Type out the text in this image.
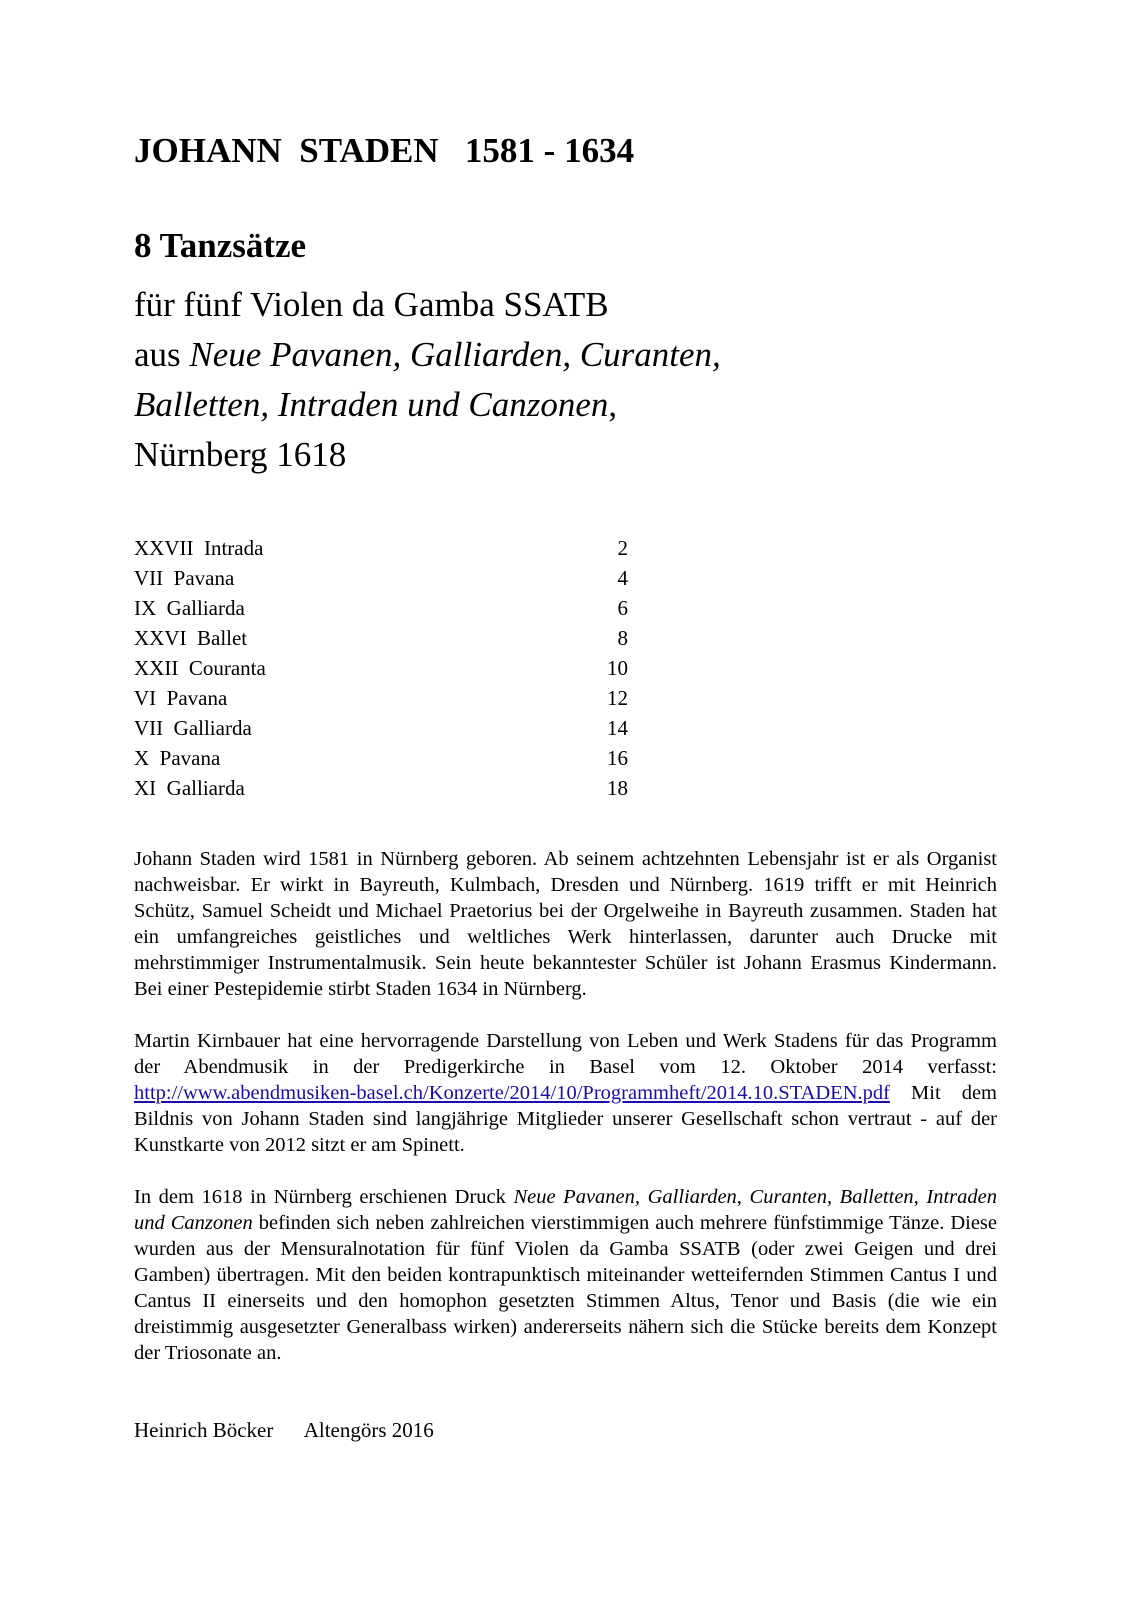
JOHANN  STADEN   1581 - 1634
8 Tanzsätze
für fünf Violen da Gamba SSATB
aus Neue Pavanen, Galliarden, Curanten,
Balletten, Intraden und Canzonen,
Nürnberg 1618
XXVII  Intrada	2
VII  Pavana	4
IX  Galliarda	6
XXVI  Ballet	8
XXII  Couranta	10
VI  Pavana	12
VII  Galliarda	14
X  Pavana	16
XI  Galliarda	18

Johann Staden wird 1581 in Nürnberg geboren. Ab seinem achtzehnten Lebensjahr ist er als Organist nachweisbar. Er wirkt in Bayreuth, Kulmbach, Dresden und Nürnberg. 1619 trifft er mit Heinrich Schütz, Samuel Scheidt und Michael Praetorius bei der Orgelweihe in Bayreuth zusammen. Staden hat ein umfangreiches geistliches und weltliches Werk hinterlassen, darunter auch Drucke mit mehrstimmiger Instrumentalmusik. Sein heute bekanntester Schüler ist Johann Erasmus Kindermann. Bei einer Pestepidemie stirbt Staden 1634 in Nürnberg.

Martin Kirnbauer hat eine hervorragende Darstellung von Leben und Werk Stadens für das Programm der Abendmusik in der Predigerkirche in Basel vom 12. Oktober 2014 verfasst: http://www.abendmusiken-basel.ch/Konzerte/2014/10/Programmheft/2014.10.STADEN.pdf Mit dem Bildnis von Johann Staden sind langjährige Mitglieder unserer Gesellschaft schon vertraut - auf der Kunstkarte von 2012 sitzt er am Spinett.

In dem 1618 in Nürnberg erschienen Druck Neue Pavanen, Galliarden, Curanten, Balletten, Intraden und Canzonen befinden sich neben zahlreichen vierstimmigen auch mehrere fünfstimmige Tänze. Diese wurden aus der Mensuralnotation für fünf Violen da Gamba SSATB (oder zwei Geigen und drei Gamben) übertragen. Mit den beiden kontrapunktisch miteinander wetteifernden Stimmen Cantus I und Cantus II einerseits und den homophon gesetzten Stimmen Altus, Tenor und Basis (die wie ein dreistimmig ausgesetzter Generalbass wirken) andererseits nähern sich die Stücke bereits dem Konzept der Triosonate an.

Heinrich Böcker      Altengörs 2016
